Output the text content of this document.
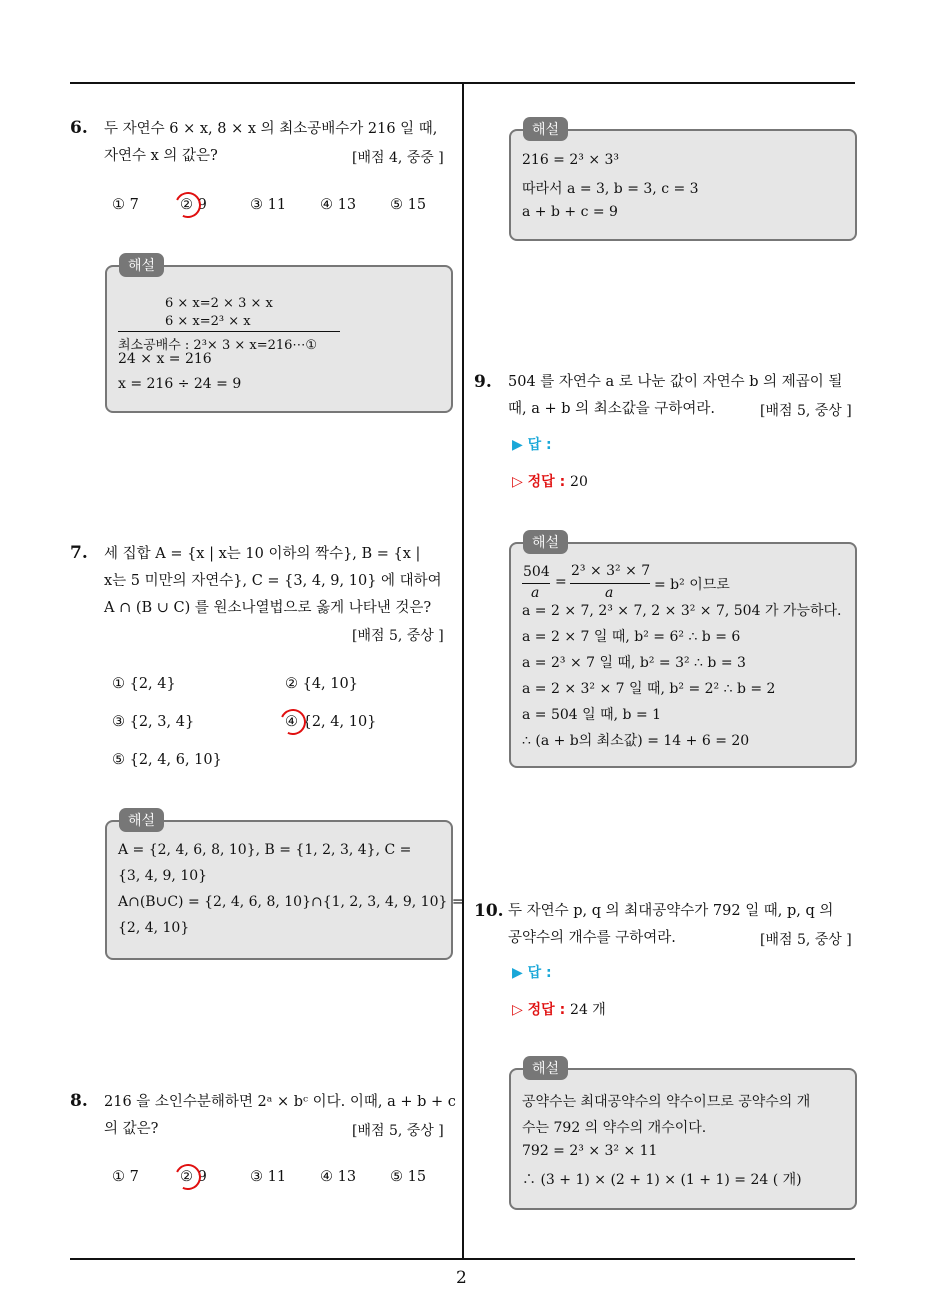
2
6. 두 자연수 6 × x, 8 × x 의 최소공배수가 216 일 때,
자연수 x 의 값은?	[배점 4, 중중 ]
① 7	② 9	③ 11 ④ 13 ⑤ 15
해설
6 × x=2 × 3 × x
6 × x=2³ × x
최소공배수 : 2³× 3 × x=216⋯①
24 × x = 216
x = 216 ÷ 24 = 9
7. 세 집합 A = {x | x는 10 이하의 짝수}, B = {x |
x는 5 미만의 자연수}, C = {3, 4, 9, 10} 에 대하여
A ∩ (B ∪ C) 를 원소나열법으로 옳게 나타낸 것은?
[배점 5, 중상 ]
① {2, 4}	② {4, 10}
③ {2, 3, 4}	④ {2, 4, 10}
⑤ {2, 4, 6, 10}
해설
A = {2, 4, 6, 8, 10}, B = {1, 2, 3, 4}, C =
{3, 4, 9, 10}
A∩(B∪C) = {2, 4, 6, 8, 10}∩{1, 2, 3, 4, 9, 10} =
{2, 4, 10}
8. 216 을 소인수분해하면 2ᵃ × bᶜ 이다. 이때, a + b + c
의 값은?	[배점 5, 중상 ]
① 7	② 9	③ 11 ④ 13 ⑤ 15
해설
216 = 2³ × 3³
따라서 a = 3, b = 3, c = 3
a + b + c = 9
9. 504 를 자연수 a 로 나눈 값이 자연수 b 의 제곱이 될
때, a + b 의 최소값을 구하여라.	[배점 5, 중상 ]
▶ 답 :
▷ 정답 : 20
해설
504
a
=
2³ × 3² × 7
a	= b² 이므로
a = 2 × 7, 2³ × 7, 2 × 3² × 7, 504 가 가능하다.
a = 2 × 7 일 때, b² = 6² ∴ b = 6
a = 2³ × 7 일 때, b² = 3² ∴ b = 3
a = 2 × 3² × 7 일 때, b² = 2² ∴ b = 2
a = 504 일 때, b = 1
∴ (a + b의 최소값) = 14 + 6 = 20
10. 두 자연수 p, q 의 최대공약수가 792 일 때, p, q 의
공약수의 개수를 구하여라.	[배점 5, 중상 ]
▶ 답 :
▷ 정답 : 24 개
해설
공약수는 최대공약수의 약수이므로 공약수의 개
수는 792 의 약수의 개수이다.
792 = 2³ × 3² × 11
∴ (3 + 1) × (2 + 1) × (1 + 1) = 24 ( 개)
